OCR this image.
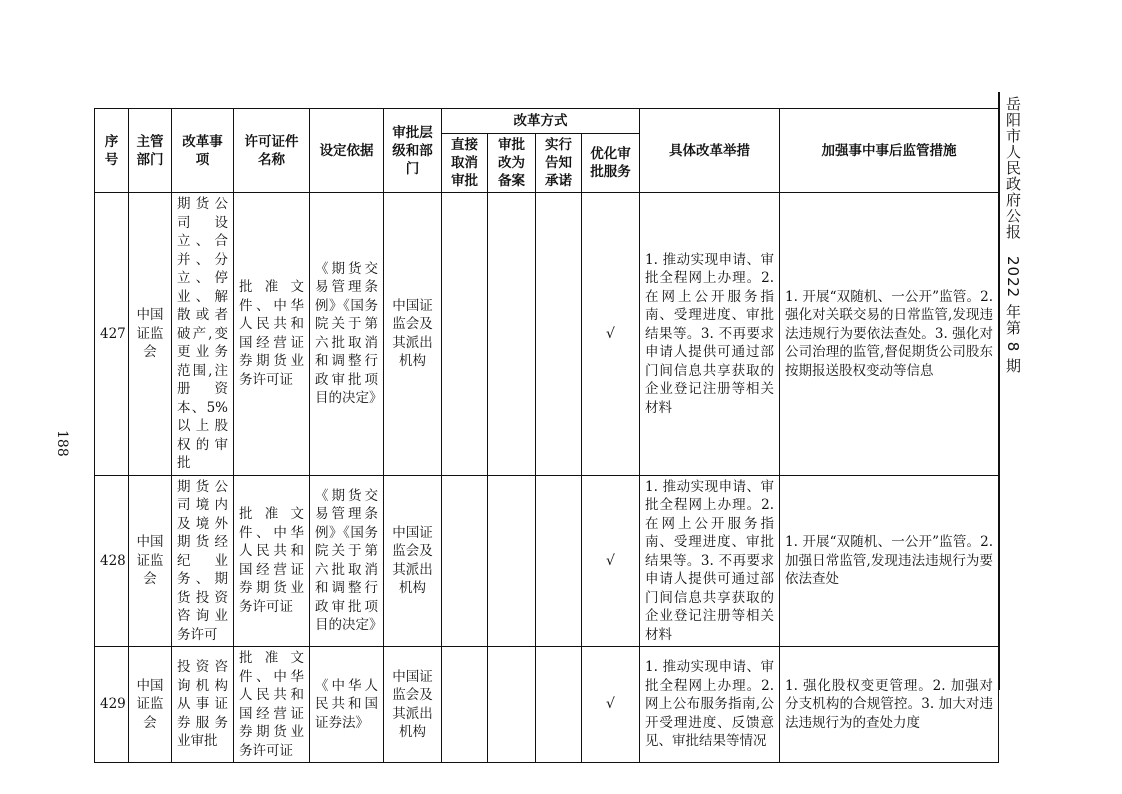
岳阳市人民政府公报　2022 年第 8 期
188
序号	主管部门	改革事项	许可证件名称	设定依据	审批层级和部门	改革方式				具体改革举措	加强事中事后监管措施
						直接取消审批	审批改为备案	实行告知承诺	优化审批服务		
427	中国证监会	期货公司设立、合并、分立、停业、解散或者破产,变更业务范围,注册资本、5%以上股权的审批	批准文件、中华人民共和国经营证券期货业务许可证	《期货交易管理条例》《国务院关于第六批取消和调整行政审批项目的决定》	中国证监会及其派出机构				√	1. 推动实现申请、审批全程网上办理。2. 在网上公开服务指南、受理进度、审批结果等。3. 不再要求申请人提供可通过部门间信息共享获取的企业登记注册等相关材料	1. 开展“双随机、一公开”监管。2. 强化对关联交易的日常监管,发现违法违规行为要依法查处。3. 强化对公司治理的监管,督促期货公司股东按期报送股权变动等信息
428	中国证监会	期货公司境内及境外期货经纪业务、期货投资咨询业务许可	批准文件、中华人民共和国经营证券期货业务许可证	《期货交易管理条例》《国务院关于第六批取消和调整行政审批项目的决定》	中国证监会及其派出机构				√	1. 推动实现申请、审批全程网上办理。2. 在网上公开服务指南、受理进度、审批结果等。3. 不再要求申请人提供可通过部门间信息共享获取的企业登记注册等相关材料	1. 开展“双随机、一公开”监管。2. 加强日常监管,发现违法违规行为要依法查处
429	中国证监会	投资咨询机构从事证券服务业审批	批准文件、中华人民共和国经营证券期货业务许可证	《中华人民共和国证券法》	中国证监会及其派出机构				√	1. 推动实现申请、审批全程网上办理。2. 网上公布服务指南,公开受理进度、反馈意见、审批结果等情况	1. 强化股权变更管理。2. 加强对分支机构的合规管控。3. 加大对违法违规行为的查处力度
